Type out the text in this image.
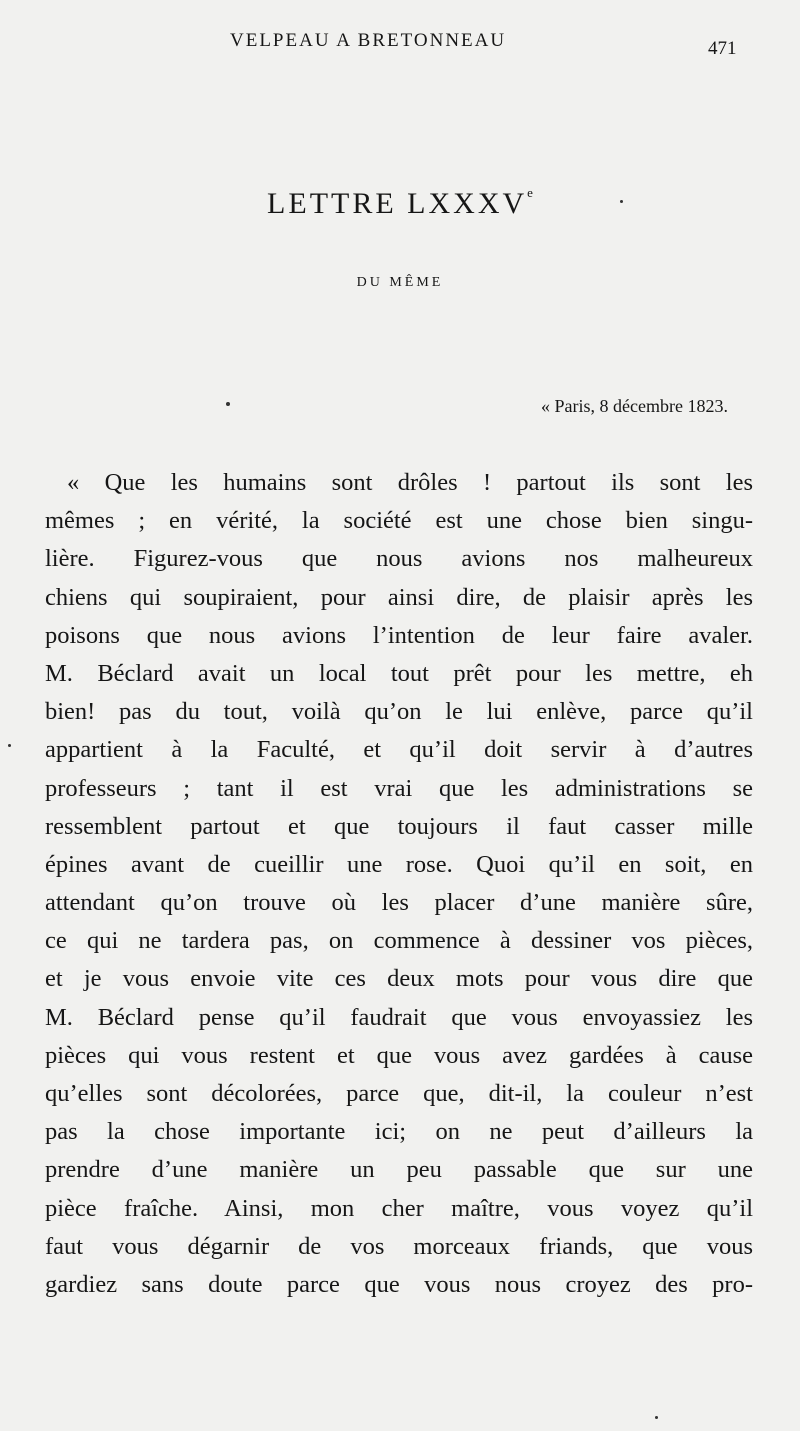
VELPEAU A BRETONNEAU	471
LETTRE LXXXVe
DU MÊME
« Paris, 8 décembre 1823.
« Que les humains sont drôles ! partout ils sont les
mêmes ; en vérité, la société est une chose bien singu-
lière. Figurez-vous que nous avions nos malheureux
chiens qui soupiraient, pour ainsi dire, de plaisir après les
poisons que nous avions l’intention de leur faire avaler.
M. Béclard avait un local tout prêt pour les mettre, eh
bien! pas du tout, voilà qu’on le lui enlève, parce qu’il
appartient à la Faculté, et qu’il doit servir à d’autres
professeurs ; tant il est vrai que les administrations se
ressemblent partout et que toujours il faut casser mille
épines avant de cueillir une rose. Quoi qu’il en soit, en
attendant qu’on trouve où les placer d’une manière sûre,
ce qui ne tardera pas, on commence à dessiner vos pièces,
et je vous envoie vite ces deux mots pour vous dire que
M. Béclard pense qu’il faudrait que vous envoyassiez les
pièces qui vous restent et que vous avez gardées à cause
qu’elles sont décolorées, parce que, dit-il, la couleur n’est
pas la chose importante ici; on ne peut d’ailleurs la
prendre d’une manière un peu passable que sur une
pièce fraîche. Ainsi, mon cher maître, vous voyez qu’il
faut vous dégarnir de vos morceaux friands, que vous
gardiez sans doute parce que vous nous croyez des pro-
